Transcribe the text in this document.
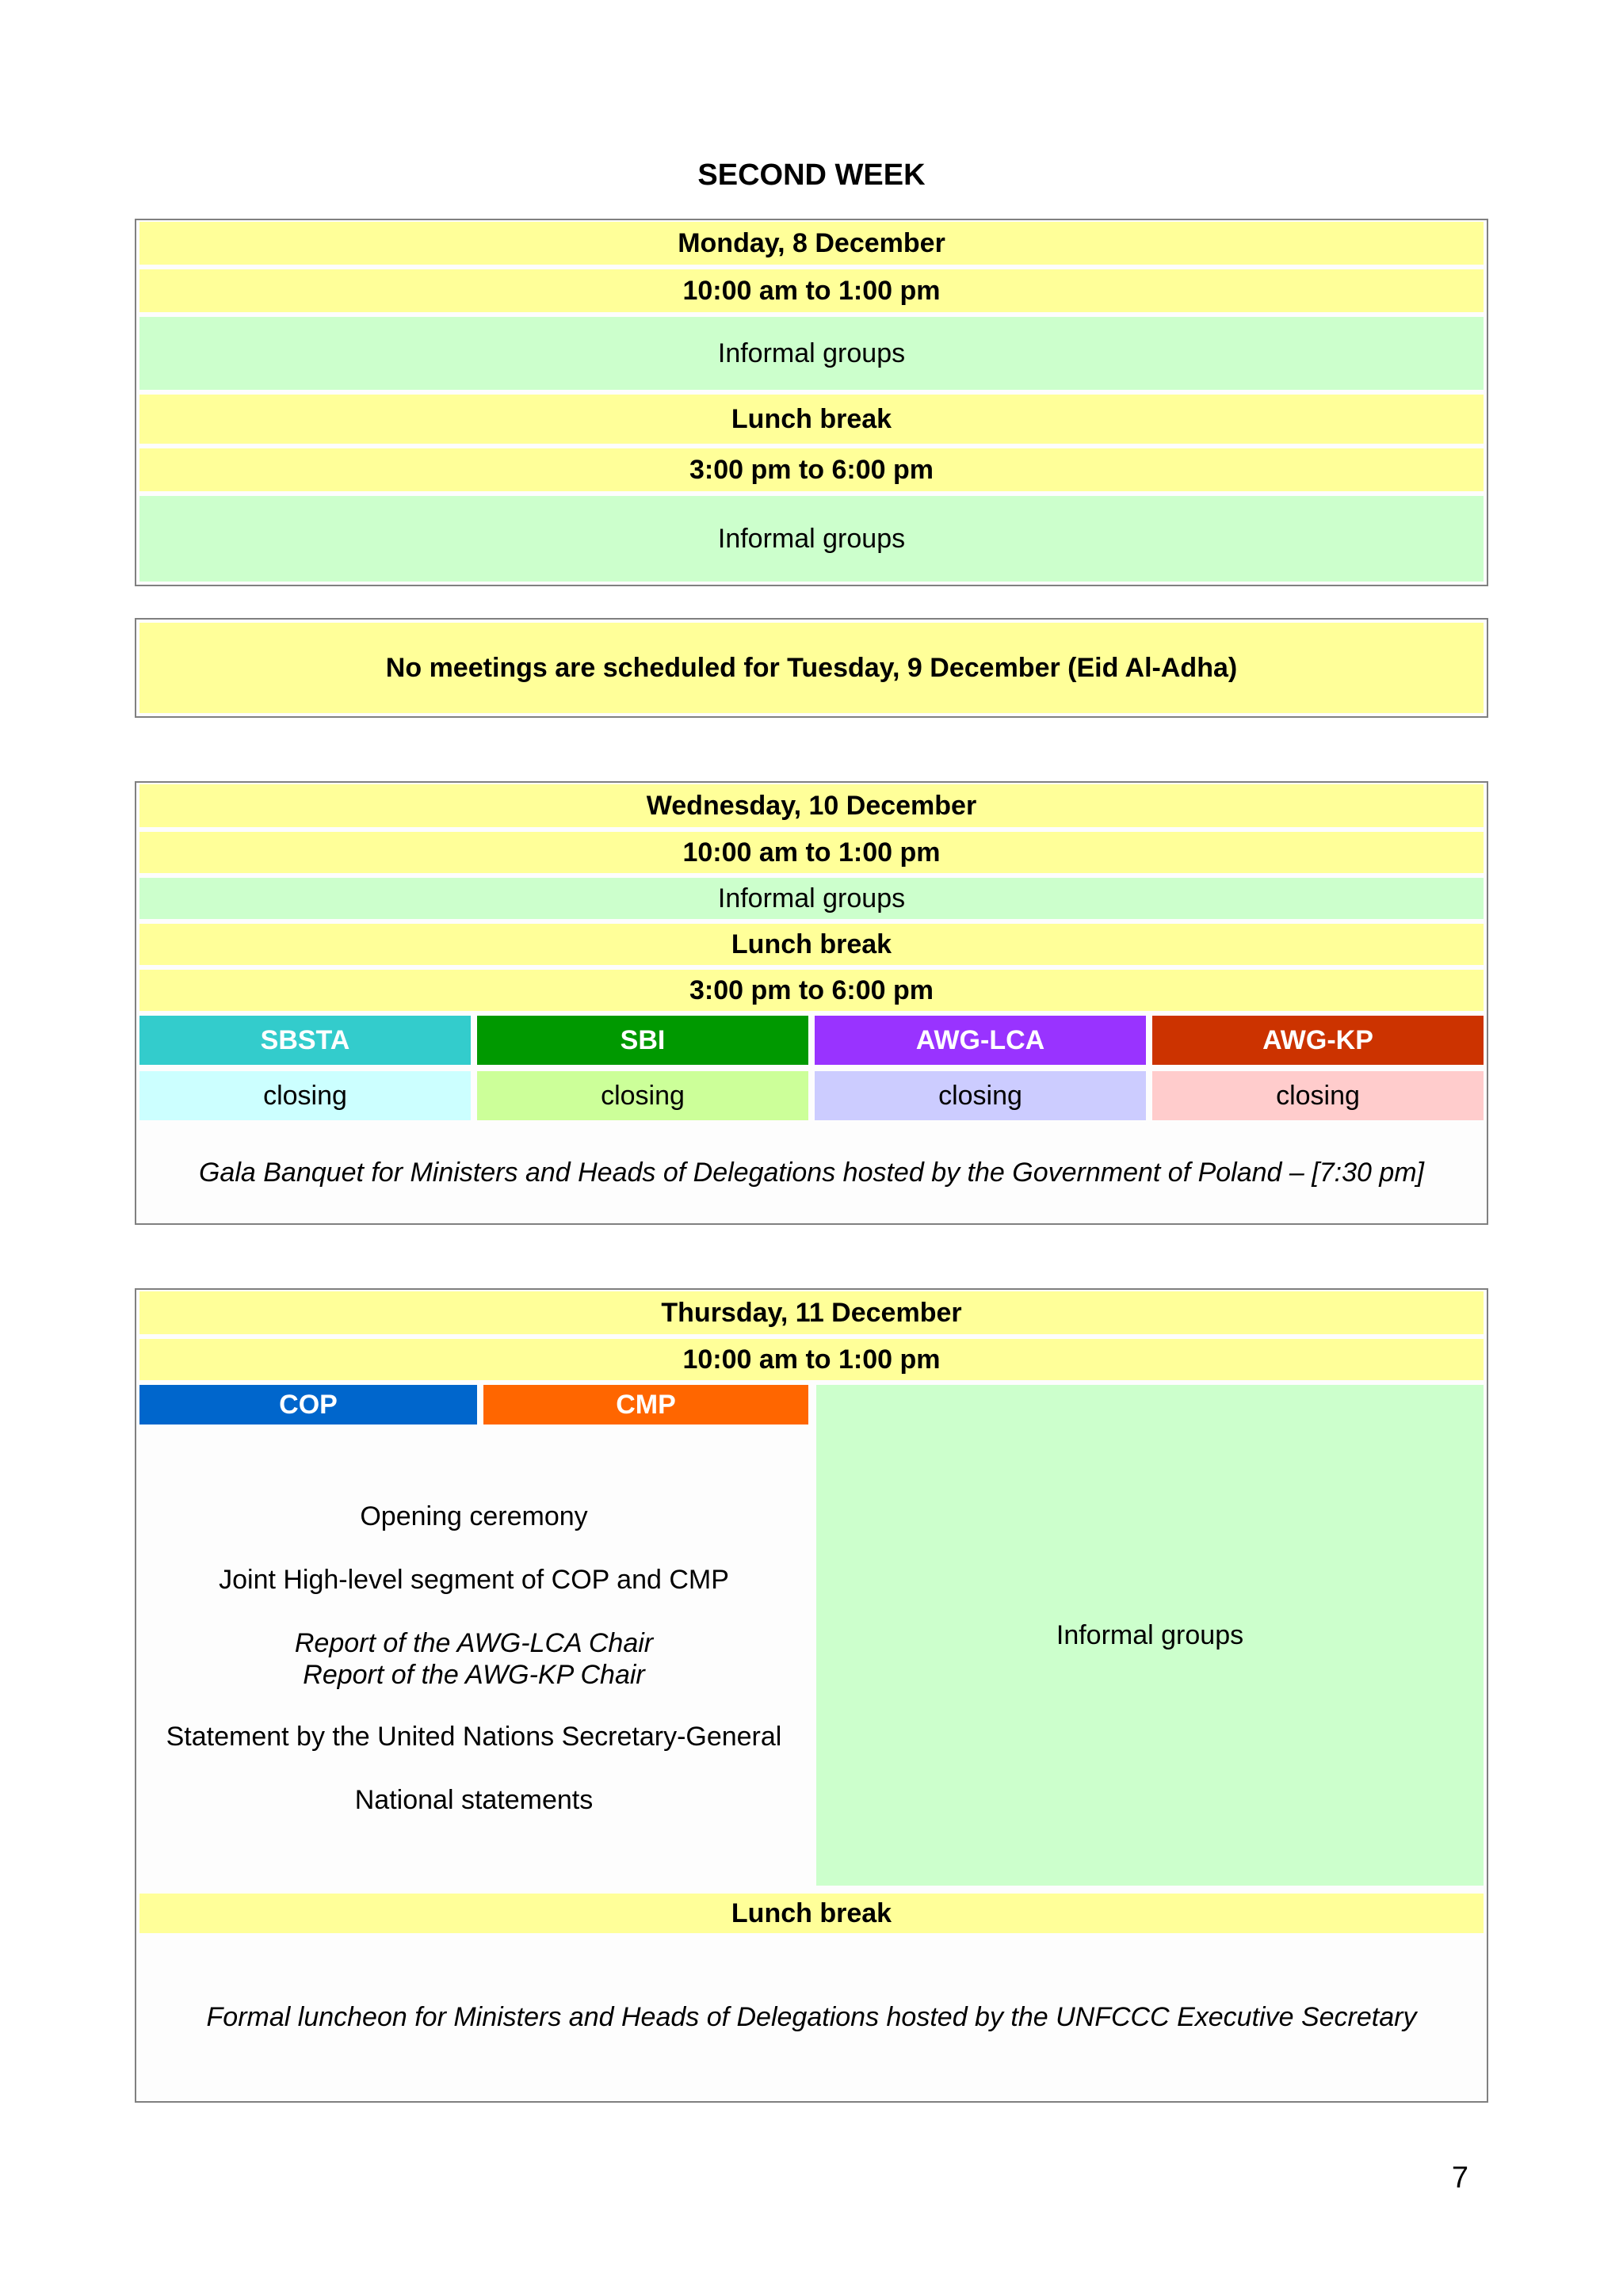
SECOND WEEK
Monday, 8 December
10:00 am to 1:00 pm
Informal groups
Lunch break
3:00 pm to 6:00 pm
Informal groups
No meetings are scheduled for Tuesday, 9 December (Eid Al-Adha)
Wednesday, 10 December
10:00 am to 1:00 pm
Informal groups
Lunch break
3:00 pm to 6:00 pm
SBSTA	SBI	AWG-LCA	AWG-KP
closing	closing	closing	closing
Gala Banquet for Ministers and Heads of Delegations hosted by the Government of Poland – [7:30 pm]
Thursday, 11 December
10:00 am to 1:00 pm
COP	CMP
Informal groups
Opening ceremony
Joint High-level segment of COP and CMP
Report of the AWG-LCA Chair
Report of the AWG-KP Chair
Statement by the United Nations Secretary-General
National statements
Lunch break
Formal luncheon for Ministers and Heads of Delegations hosted by the UNFCCC Executive Secretary
7
